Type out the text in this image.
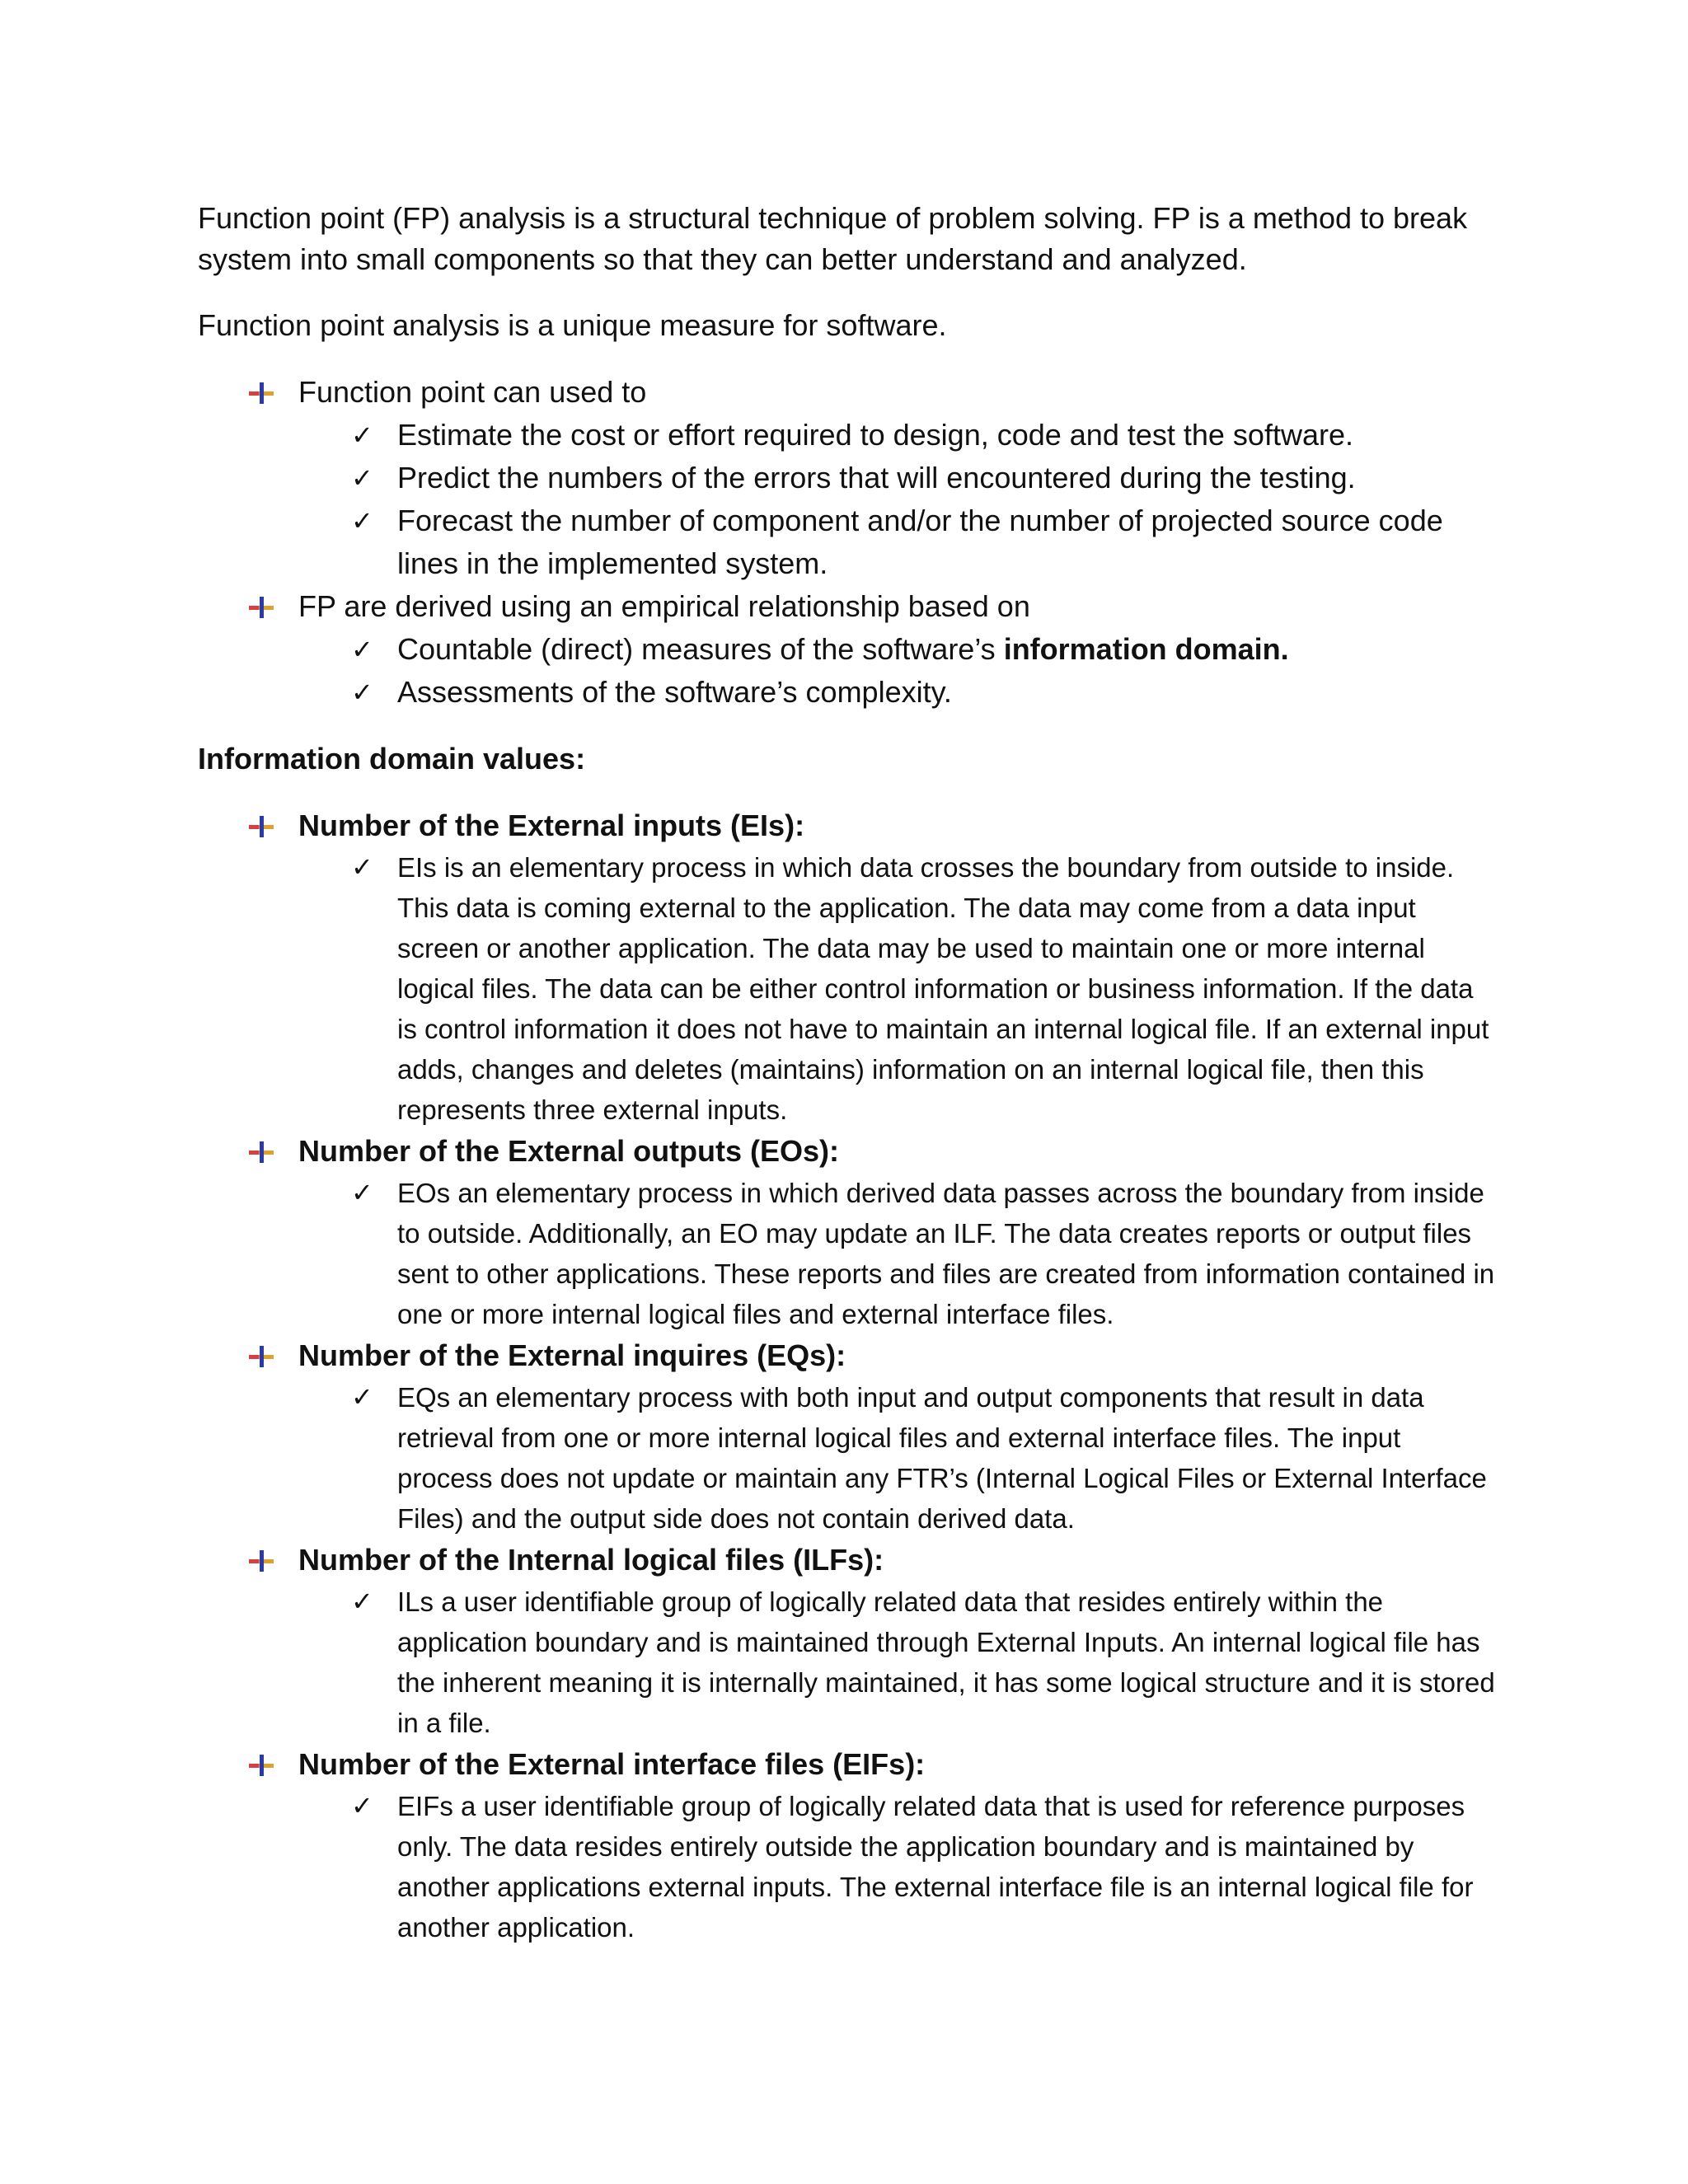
Function point (FP) analysis is a structural technique of problem solving. FP is a method to break system into small components so that they can better understand and analyzed.

Function point analysis is a unique measure for software.

Function point can used to
✓ Estimate the cost or effort required to design, code and test the software.
✓ Predict the numbers of the errors that will encountered during the testing.
✓ Forecast the number of component and/or the number of projected source code lines in the implemented system.
FP are derived using an empirical relationship based on
✓ Countable (direct) measures of the software’s information domain.
✓ Assessments of the software’s complexity.

Information domain values:

Number of the External inputs (EIs):
✓ EIs is an elementary process in which data crosses the boundary from outside to inside. This data is coming external to the application. The data may come from a data input screen or another application. The data may be used to maintain one or more internal logical files. The data can be either control information or business information. If the data is control information it does not have to maintain an internal logical file. If an external input adds, changes and deletes (maintains) information on an internal logical file, then this represents three external inputs.
Number of the External outputs (EOs):
✓ EOs an elementary process in which derived data passes across the boundary from inside to outside. Additionally, an EO may update an ILF. The data creates reports or output files sent to other applications. These reports and files are created from information contained in one or more internal logical files and external interface files.
Number of the External inquires (EQs):
✓ EQs an elementary process with both input and output components that result in data retrieval from one or more internal logical files and external interface files. The input process does not update or maintain any FTR’s (Internal Logical Files or External Interface Files) and the output side does not contain derived data.
Number of the Internal logical files (ILFs):
✓ ILs a user identifiable group of logically related data that resides entirely within the application boundary and is maintained through External Inputs. An internal logical file has the inherent meaning it is internally maintained, it has some logical structure and it is stored in a file.
Number of the External interface files (EIFs):
✓ EIFs a user identifiable group of logically related data that is used for reference purposes only. The data resides entirely outside the application boundary and is maintained by another applications external inputs. The external interface file is an internal logical file for another application.
